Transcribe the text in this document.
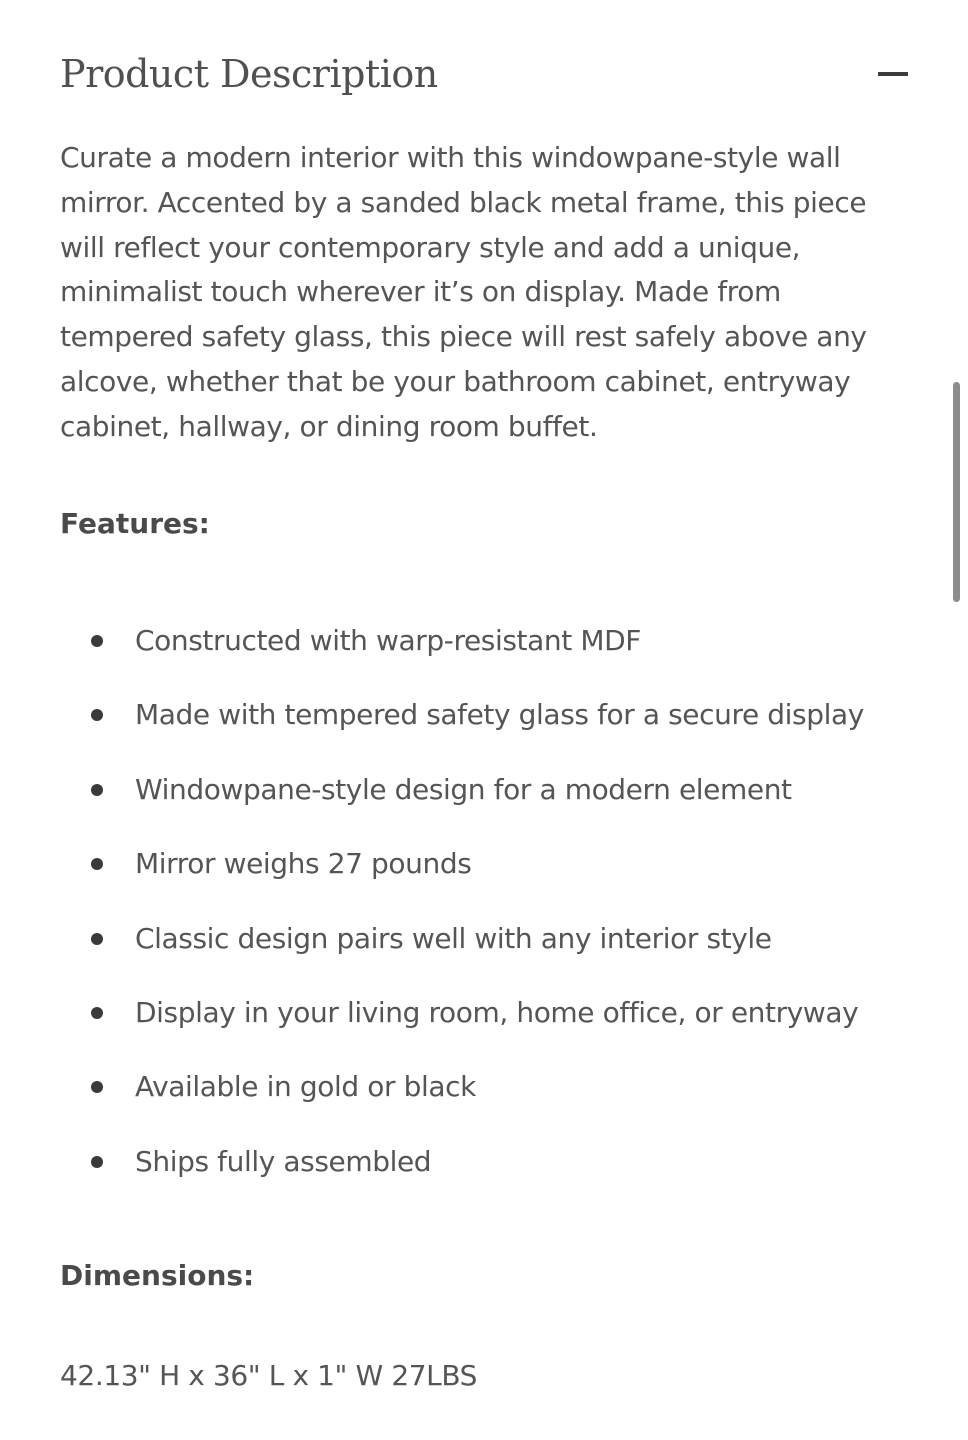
Product Description

Curate a modern interior with this windowpane-style wall mirror. Accented by a sanded black metal frame, this piece will reflect your contemporary style and add a unique, minimalist touch wherever it’s on display. Made from tempered safety glass, this piece will rest safely above any alcove, whether that be your bathroom cabinet, entryway cabinet, hallway, or dining room buffet.

Features:
Constructed with warp-resistant MDF
Made with tempered safety glass for a secure display
Windowpane-style design for a modern element
Mirror weighs 27 pounds
Classic design pairs well with any interior style
Display in your living room, home office, or entryway
Available in gold or black
Ships fully assembled
Dimensions:

42.13" H x 36" L x 1" W 27LBS
